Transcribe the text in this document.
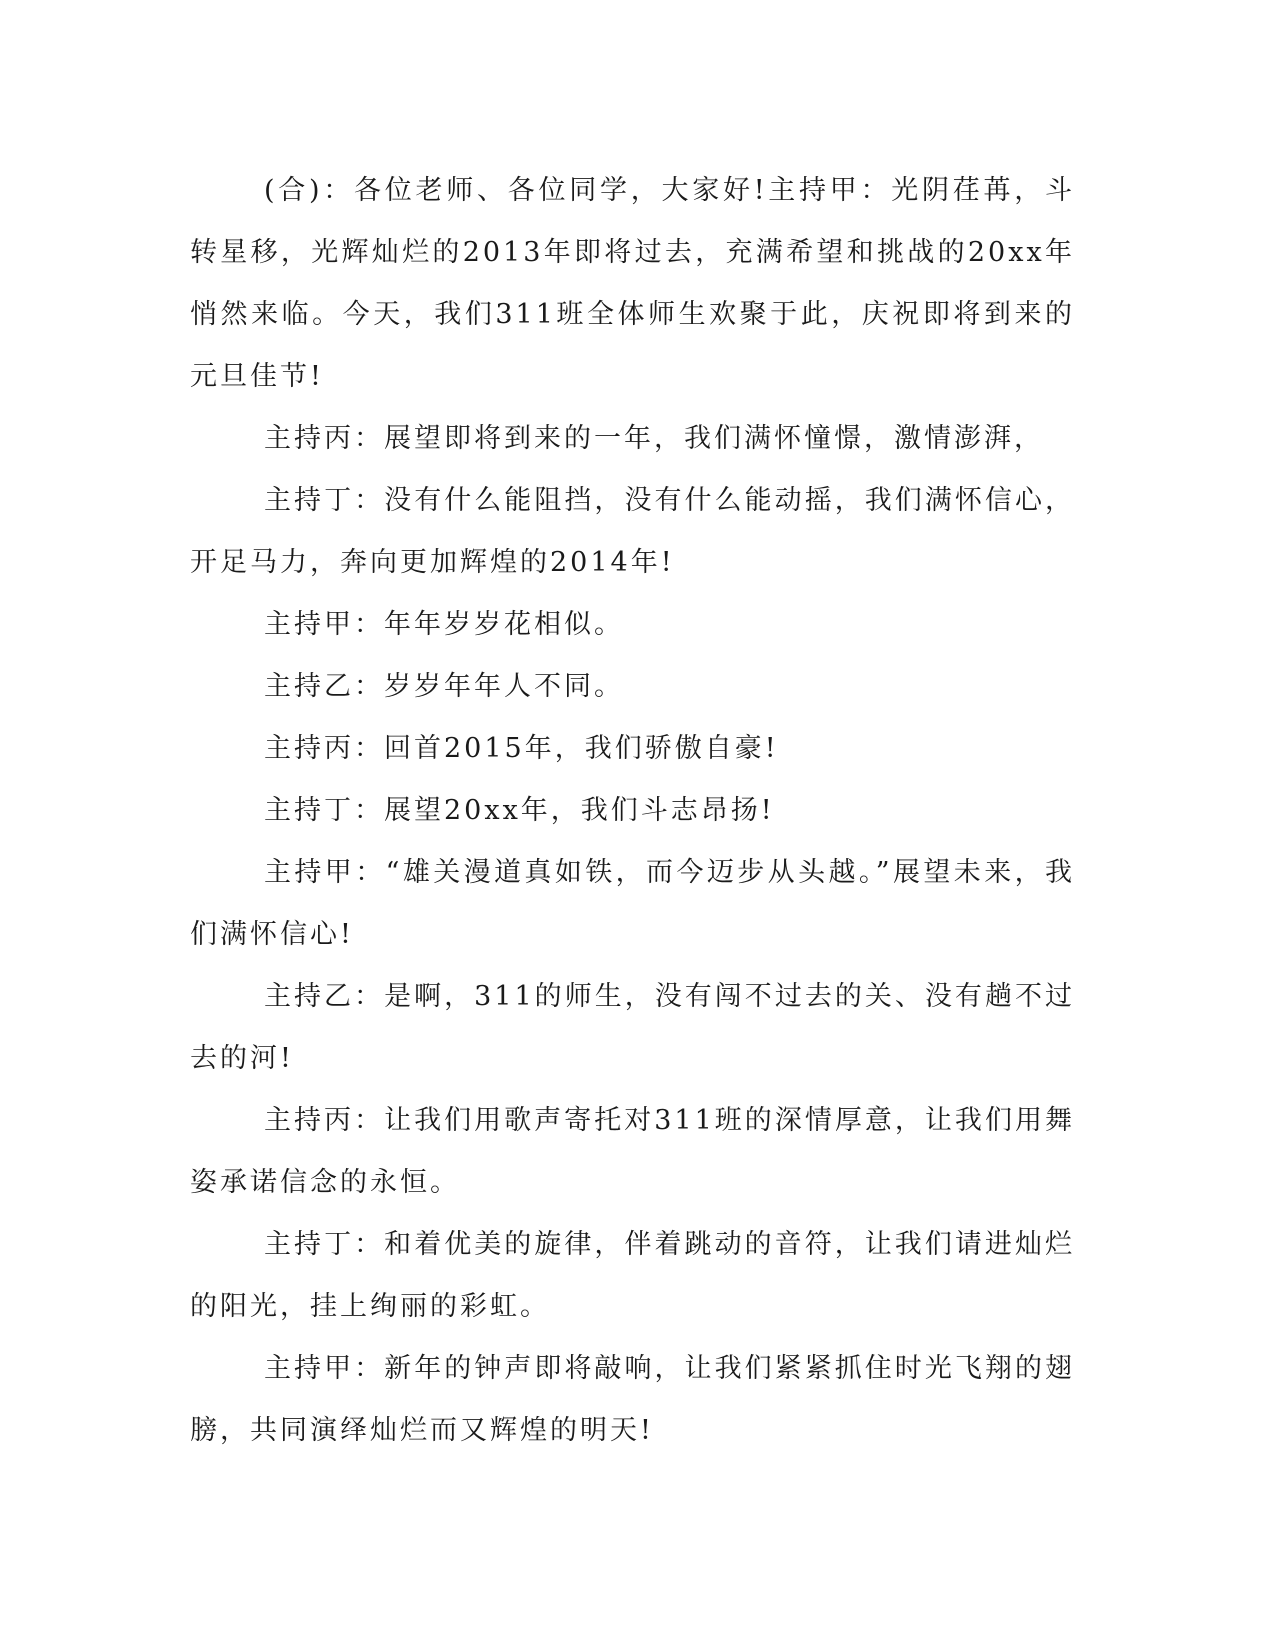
(合)：各位老师、各位同学，大家好!主持甲：光阴荏苒，斗转星移，光辉灿烂的2013年即将过去，充满希望和挑战的20xx年悄然来临。今天，我们311班全体师生欢聚于此，庆祝即将到来的元旦佳节!

主持丙：展望即将到来的一年，我们满怀憧憬，激情澎湃，

主持丁：没有什么能阻挡，没有什么能动摇，我们满怀信心，开足马力，奔向更加辉煌的2014年!

主持甲：年年岁岁花相似。

主持乙：岁岁年年人不同。

主持丙：回首2015年，我们骄傲自豪!

主持丁：展望20xx年，我们斗志昂扬!

主持甲：“雄关漫道真如铁，而今迈步从头越。”展望未来，我们满怀信心!

主持乙：是啊，311的师生，没有闯不过去的关、没有趟不过去的河!

主持丙：让我们用歌声寄托对311班的深情厚意，让我们用舞姿承诺信念的永恒。

主持丁：和着优美的旋律，伴着跳动的音符，让我们请进灿烂的阳光，挂上绚丽的彩虹。

主持甲：新年的钟声即将敲响，让我们紧紧抓住时光飞翔的翅膀，共同演绎灿烂而又辉煌的明天!
